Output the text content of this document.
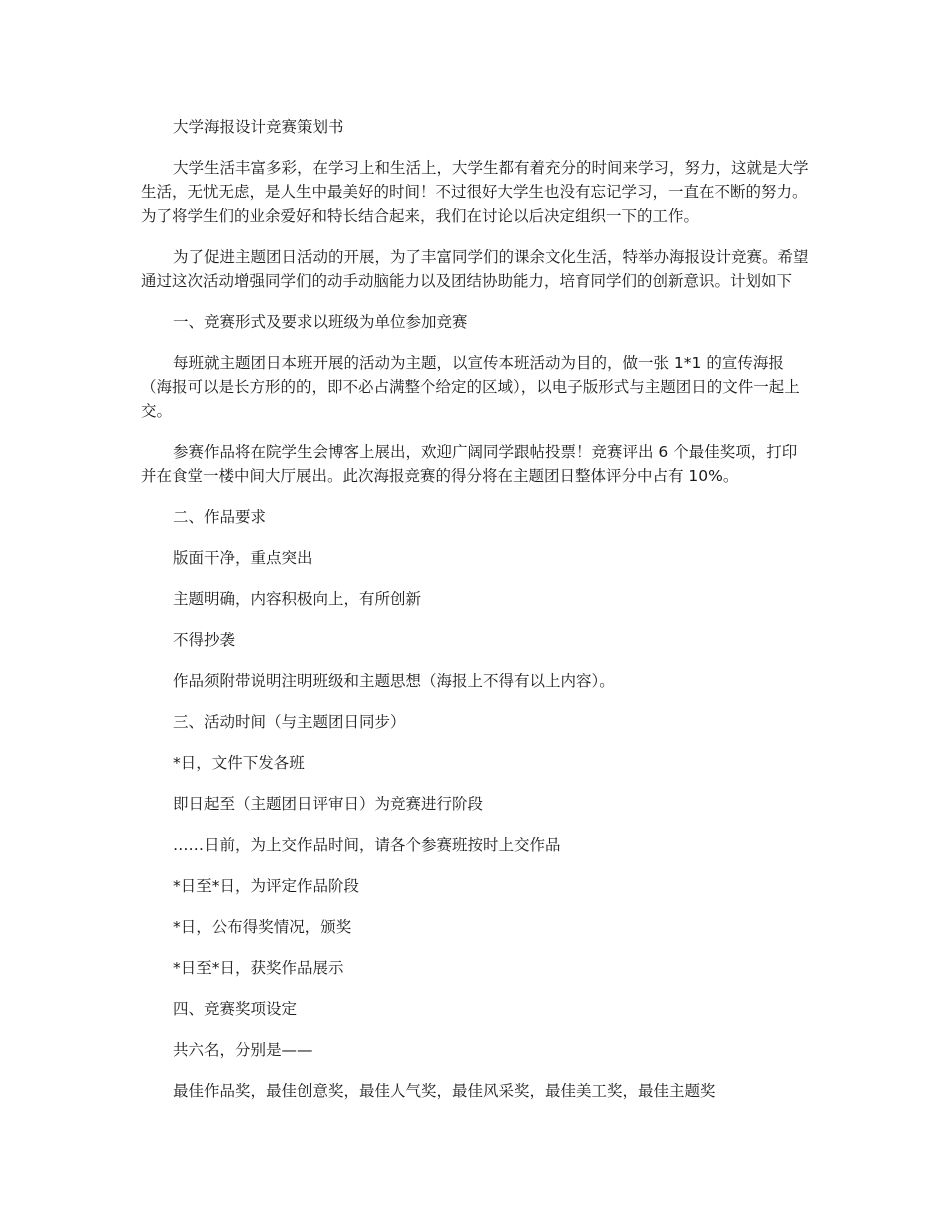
大学海报设计竞赛策划书

大学生活丰富多彩，在学习上和生活上，大学生都有着充分的时间来学习，努力，这就是大学生活，无忧无虑，是人生中最美好的时间！不过很好大学生也没有忘记学习，一直在不断的努力。为了将学生们的业余爱好和特长结合起来，我们在讨论以后决定组织一下的工作。

为了促进主题团日活动的开展，为了丰富同学们的课余文化生活，特举办海报设计竞赛。希望通过这次活动增强同学们的动手动脑能力以及团结协助能力，培育同学们的创新意识。计划如下

一、竞赛形式及要求以班级为单位参加竞赛

每班就主题团日本班开展的活动为主题，以宣传本班活动为目的，做一张 1*1 的宣传海报（海报可以是长方形的的，即不必占满整个给定的区域），以电子版形式与主题团日的文件一起上交。

参赛作品将在院学生会博客上展出，欢迎广阔同学跟帖投票！竞赛评出 6 个最佳奖项，打印并在食堂一楼中间大厅展出。此次海报竞赛的得分将在主题团日整体评分中占有 10%。

二、作品要求

版面干净，重点突出

主题明确，内容积极向上，有所创新

不得抄袭

作品须附带说明注明班级和主题思想（海报上不得有以上内容）。

三、活动时间（与主题团日同步）

*日，文件下发各班

即日起至（主题团日评审日）为竞赛进行阶段

……日前，为上交作品时间，请各个参赛班按时上交作品

*日至*日，为评定作品阶段

*日，公布得奖情况，颁奖

*日至*日，获奖作品展示

四、竞赛奖项设定

共六名，分别是——

最佳作品奖，最佳创意奖，最佳人气奖，最佳风采奖，最佳美工奖，最佳主题奖
